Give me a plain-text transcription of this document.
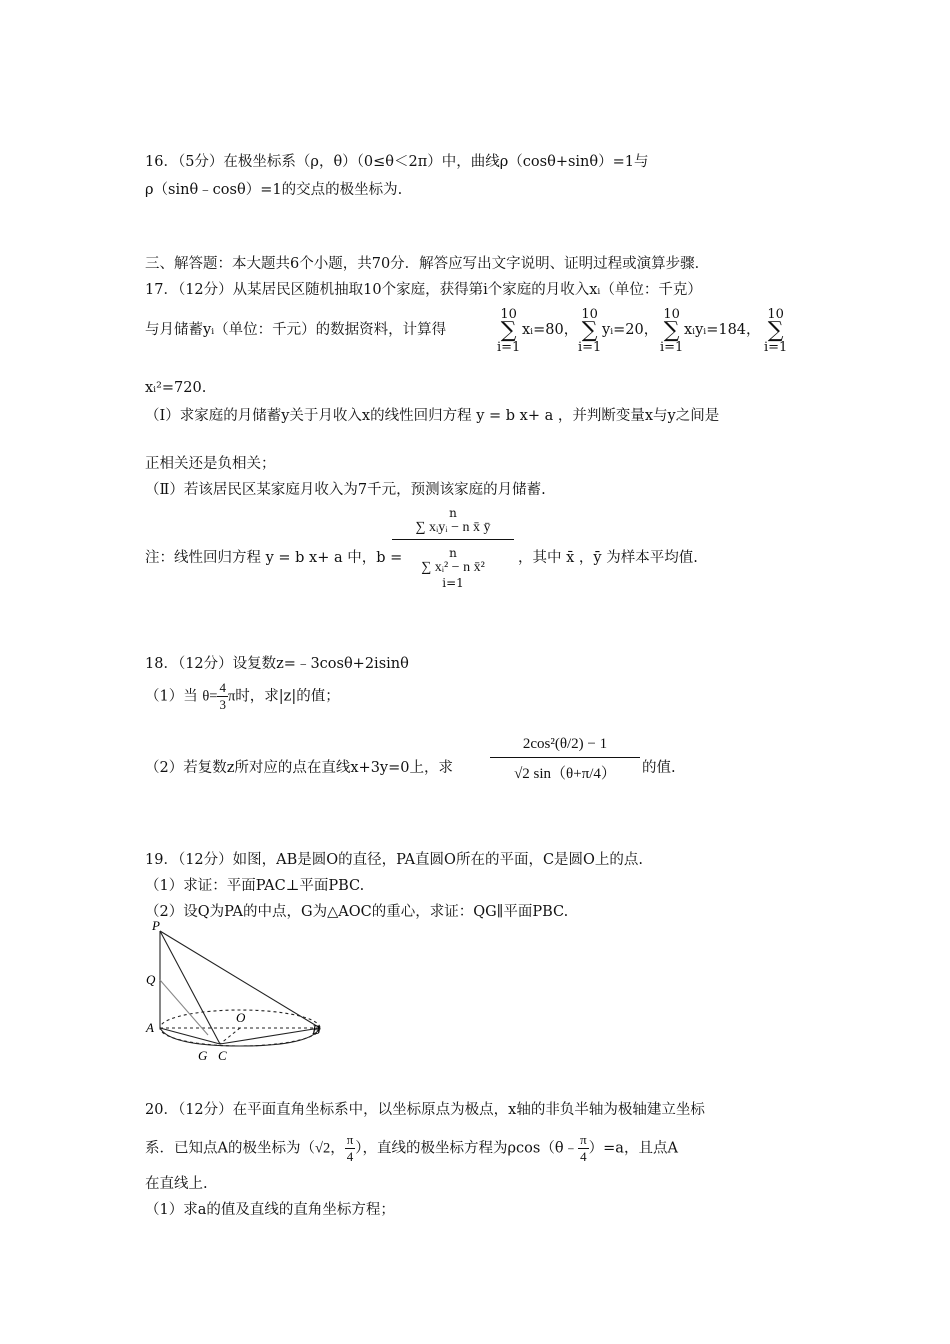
16．（5分）在极坐标系（ρ，θ）（0≤θ＜2π）中，曲线ρ（cosθ+sinθ）=1与
ρ（sinθ﹣cosθ）=1的交点的极坐标为.
三、解答题：本大题共6个小题，共70分．解答应写出文字说明、证明过程或演算步骤．
17．（12分）从某居民区随机抽取10个家庭，获得第i个家庭的月收入xᵢ（单位：千克）
与月储蓄yᵢ（单位：千元）的数据资料，计算得
10
∑
i=1
xᵢ=80，
10
∑
i=1
yᵢ=20，
10
∑
i=1
xᵢyᵢ=184，
10
∑
i=1
xᵢ²=720.
（Ⅰ）求家庭的月储蓄y关于月收入x的线性回归方程 y = b x+ a ，并判断变量x与y之间是
正相关还是负相关；
（Ⅱ）若该居民区某家庭月收入为7千元，预测该家庭的月储蓄.
注：线性回归方程 y = b x+ a 中，b =
n
∑ xᵢyᵢ − n x̄ ȳ
n
∑ xᵢ² − n x̄²
i=1
，其中 x̄ ，ȳ 为样本平均值.
18．（12分）设复数z=﹣3cosθ+2isinθ
（1）当 $\theta= \frac{4}{3}$ π时，求|z|的值；
（2）若复数z所对应的点在直线x+3y=0上，求 $\frac{\text{2cos²(θ/2) − 1}}{√2 \sin(\theta+\pi/4)}$ 的值.
19．（12分）如图，AB是圆O的直径，PA直圆O所在的平面，C是圆O上的点.
（1）求证：平面PAC⊥平面PBC.
（2）设Q为PA的中点，G为△AOC的重心，求证：QG∥平面PBC.
P
Q
A
O
B
G C
20．（12分）在平面直角坐标系中，以坐标原点为极点，x轴的非负半轴为极轴建立坐标
系．已知点A的极坐标为（√2， $\frac{\pi}{4}$ ），直线的极坐标方程为ρcos（θ﹣ $\frac{\pi}{4} )=a$，且点A
在直线上.
（1）求a的值及直线的直角坐标方程；
